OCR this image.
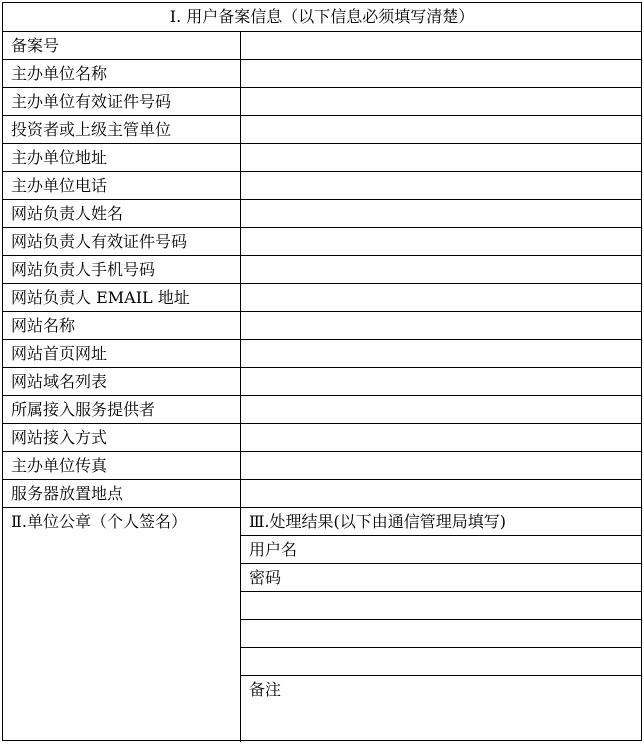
Ⅰ. 用户备案信息（以下信息必须填写清楚）
备案号
主办单位名称
主办单位有效证件号码
投资者或上级主管单位
主办单位地址
主办单位电话
网站负责人姓名
网站负责人有效证件号码
网站负责人手机号码
网站负责人 EMAIL 地址
网站名称
网站首页网址
网站域名列表
所属接入服务提供者
网站接入方式
主办单位传真
服务器放置地点
Ⅱ.单位公章（个人签名）	Ⅲ.处理结果(以下由通信管理局填写)
用户名
密码
备注
